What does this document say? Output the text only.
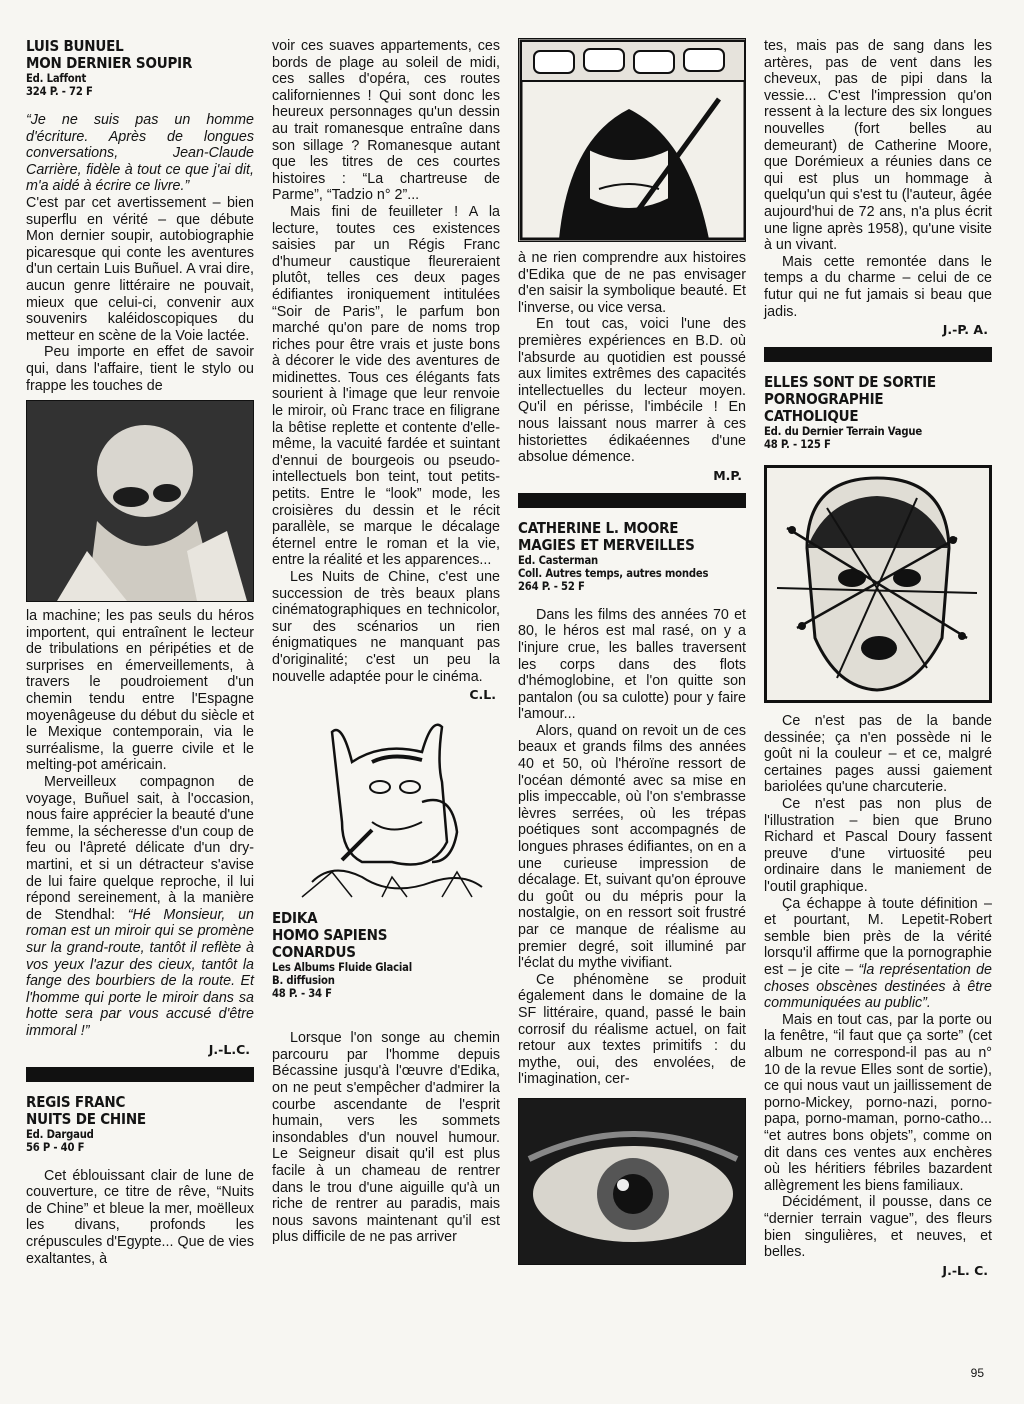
LUIS BUNUEL
MON DERNIER SOUPIR
Ed. Laffont
324 P. - 72 F

“Je ne suis pas un homme d'écriture. Après de longues conversations, Jean-Claude Carrière, fidèle à tout ce que j'ai dit, m'a aidé à écrire ce livre.”

C'est par cet avertissement – bien superflu en vérité – que débute Mon dernier soupir, autobiographie picaresque qui conte les aventures d'un certain Luis Buñuel. A vrai dire, aucun genre littéraire ne pouvait, mieux que celui-ci, convenir aux souvenirs kaléidoscopiques du metteur en scène de la Voie lactée.

Peu importe en effet de savoir qui, dans l'affaire, tient le stylo ou frappe les touches de

la machine; les pas seuls du héros importent, qui entraînent le lecteur de tribulations en péripéties et de surprises en émerveillements, à travers le poudroiement d'un chemin tendu entre l'Espagne moyenâgeuse du début du siècle et le Mexique contemporain, via le surréalisme, la guerre civile et le melting-pot américain.

Merveilleux compagnon de voyage, Buñuel sait, à l'occasion, nous faire apprécier la beauté d'une femme, la sécheresse d'un coup de feu ou l'âpreté délicate d'un dry-martini, et si un détracteur s'avise de lui faire quelque reproche, il lui répond sereinement, à la manière de Stendhal: “Hé Monsieur, un roman est un miroir qui se promène sur la grand-route, tantôt il reflète à vos yeux l'azur des cieux, tantôt la fange des bourbiers de la route. Et l'homme qui porte le miroir dans sa hotte sera par vous accusé d'être immoral !”

J.-L.C.
REGIS FRANC
NUITS DE CHINE
Ed. Dargaud
56 P - 40 F

Cet éblouissant clair de lune de couverture, ce titre de rêve, “Nuits de Chine” et bleue la mer, moëlleux les divans, profonds les crépuscules d'Egypte... Que de vies exaltantes, à

voir ces suaves appartements, ces bords de plage au soleil de midi, ces salles d'opéra, ces routes californiennes ! Qui sont donc les heureux personnages qu'un dessin au trait romanesque entraîne dans son sillage ? Romanesque autant que les titres de ces courtes histoires : “La chartreuse de Parme”, “Tadzio n° 2”...

Mais fini de feuilleter ! A la lecture, toutes ces existences saisies par un Régis Franc d'humeur caustique fleureraient plutôt, telles ces deux pages édifiantes ironiquement intitulées “Soir de Paris”, le parfum bon marché qu'on pare de noms trop riches pour être vrais et juste bons à décorer le vide des aventures de midinettes. Tous ces élégants fats sourient à l'image que leur renvoie le miroir, où Franc trace en filigrane la bêtise replette et contente d'elle-même, la vacuité fardée et suintant d'ennui de bourgeois ou pseudo-intellectuels bon teint, tout petits-petits. Entre le “look” mode, les croisières du dessin et le récit parallèle, se marque le décalage éternel entre le roman et la vie, entre la réalité et les apparences...

Les Nuits de Chine, c'est une succession de très beaux plans cinématographiques en technicolor, sur des scénarios un rien énigmatiques ne manquant pas d'originalité; c'est un peu la nouvelle adaptée pour le cinéma.

C.L.
EDIKA
HOMO SAPIENS CONARDUS
Les Albums Fluide Glacial
B. diffusion
48 P. - 34 F

Lorsque l'on songe au chemin parcouru par l'homme depuis Bécassine jusqu'à l'œuvre d'Edika, on ne peut s'empêcher d'admirer la courbe ascendante de l'esprit humain, vers les sommets insondables d'un nouvel humour. Le Seigneur disait qu'il est plus facile à un chameau de rentrer dans le trou d'une aiguille qu'à un riche de rentrer au paradis, mais nous savons maintenant qu'il est plus difficile de ne pas arriver

à ne rien comprendre aux histoires d'Edika que de ne pas envisager d'en saisir la symbolique beauté. Et l'inverse, ou vice versa.

En tout cas, voici l'une des premières expériences en B.D. où l'absurde au quotidien est poussé aux limites extrêmes des capacités intellectuelles du lecteur moyen. Qu'il en périsse, l'imbécile ! En nous laissant nous marrer à ces historiettes édikaéennes d'une absolue démence.

M.P.
CATHERINE L. MOORE
MAGIES ET MERVEILLES
Ed. Casterman
Coll. Autres temps, autres mondes
264 P. - 52 F

Dans les films des années 70 et 80, le héros est mal rasé, on y a l'injure crue, les balles traversent les corps dans des flots d'hémoglobine, et l'on quitte son pantalon (ou sa culotte) pour y faire l'amour...

Alors, quand on revoit un de ces beaux et grands films des années 40 et 50, où l'héroïne ressort de l'océan démonté avec sa mise en plis impeccable, où l'on s'embrasse lèvres serrées, où les trépas poétiques sont accompagnés de longues phrases édifiantes, on en a une curieuse impression de décalage. Et, suivant qu'on éprouve du goût ou du mépris pour la nostalgie, on en ressort soit frustré par ce manque de réalisme au premier degré, soit illuminé par l'éclat du mythe vivifiant.

Ce phénomène se produit également dans le domaine de la SF littéraire, quand, passé le bain corrosif du réalisme actuel, on fait retour aux textes primitifs : du mythe, oui, des envolées, de l'imagination, cer-

tes, mais pas de sang dans les artères, pas de vent dans les cheveux, pas de pipi dans la vessie... C'est l'impression qu'on ressent à la lecture des six longues nouvelles (fort belles au demeurant) de Catherine Moore, que Dorémieux a réunies dans ce qui est plus un hommage à quelqu'un qui s'est tu (l'auteur, âgée aujourd'hui de 72 ans, n'a plus écrit une ligne après 1958), qu'une visite à un vivant.

Mais cette remontée dans le temps a du charme – celui de ce futur qui ne fut jamais si beau que jadis.

J.-P. A.
ELLES SONT DE SORTIE
PORNOGRAPHIE CATHOLIQUE
Ed. du Dernier Terrain Vague
48 P. - 125 F

Ce n'est pas de la bande dessinée; ça n'en possède ni le goût ni la couleur – et ce, malgré certaines pages aussi gaiement bariolées qu'une charcuterie.

Ce n'est pas non plus de l'illustration – bien que Bruno Richard et Pascal Doury fassent preuve d'une virtuosité peu ordinaire dans le maniement de l'outil graphique.

Ça échappe à toute définition – et pourtant, M. Lepetit-Robert semble bien près de la vérité lorsqu'il affirme que la pornographie est – je cite – “la représentation de choses obscènes destinées à être communiquées au public”.

Mais en tout cas, par la porte ou la fenêtre, “il faut que ça sorte” (cet album ne correspond-il pas au n° 10 de la revue Elles sont de sortie), ce qui nous vaut un jaillissement de porno-Mickey, porno-nazi, porno-papa, porno-maman, porno-catho... “et autres bons objets”, comme on dit dans ces ventes aux enchères où les héritiers fébriles bazardent allègrement les biens familiaux.

Décidément, il pousse, dans ce “dernier terrain vague”, des fleurs bien singulières, et neuves, et belles.

J.-L. C.
95
